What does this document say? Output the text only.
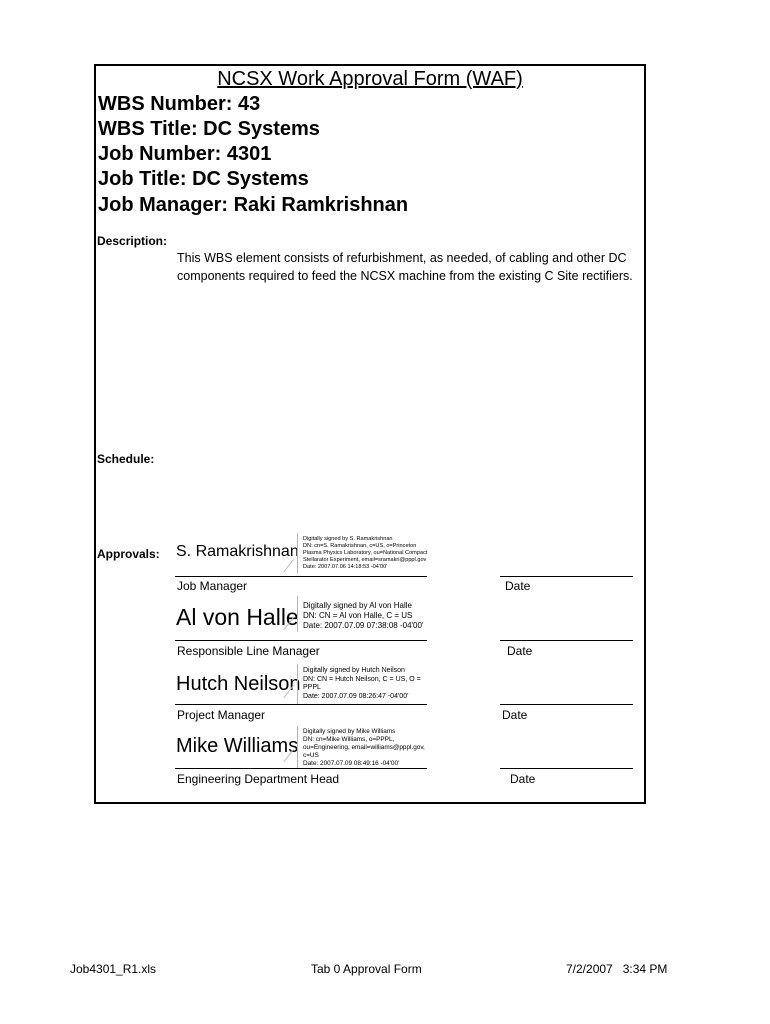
NCSX Work Approval Form (WAF)
WBS Number: 43
WBS Title: DC Systems
Job Number: 4301
Job Title: DC Systems
Job Manager: Raki Ramkrishnan
Description:
This WBS element consists of refurbishment, as needed, of cabling and other DC
components required to feed the NCSX machine from the existing C Site rectifiers.
Schedule:
Approvals: S. Ramakrishnan
Digitally signed by S. Ramakrishnan
DN: cn=S. Ramakrishnan, c=US, o=Princeton
Plasma Physics Laboratory, ou=National Compact
Stellarator Experiment, email=sramakri@pppl.gov
Date: 2007.07.06 14:18:53 -04'00'
Job Manager	Date
Al von Halle Digitally signed by Al von Halle
DN: CN = Al von Halle, C = US
Date: 2007.07.09 07:38:08 -04'00'
Responsible Line Manager	Date
Hutch Neilson
Digitally signed by Hutch Neilson
DN: CN = Hutch Neilson, C = US, O =
PPPL
Date: 2007.07.09 08:26:47 -04'00'
Project Manager	Date
Mike Williams
Digitally signed by Mike Williams
DN: cn=Mike Williams, o=PPPL,
ou=Engineering, email=williams@pppl.gov,
c=US
Date: 2007.07.09 08:49:16 -04'00'
Engineering Department Head	Date
Job4301_R1.xls	Tab 0 Approval Form	7/2/2007   3:34 PM
